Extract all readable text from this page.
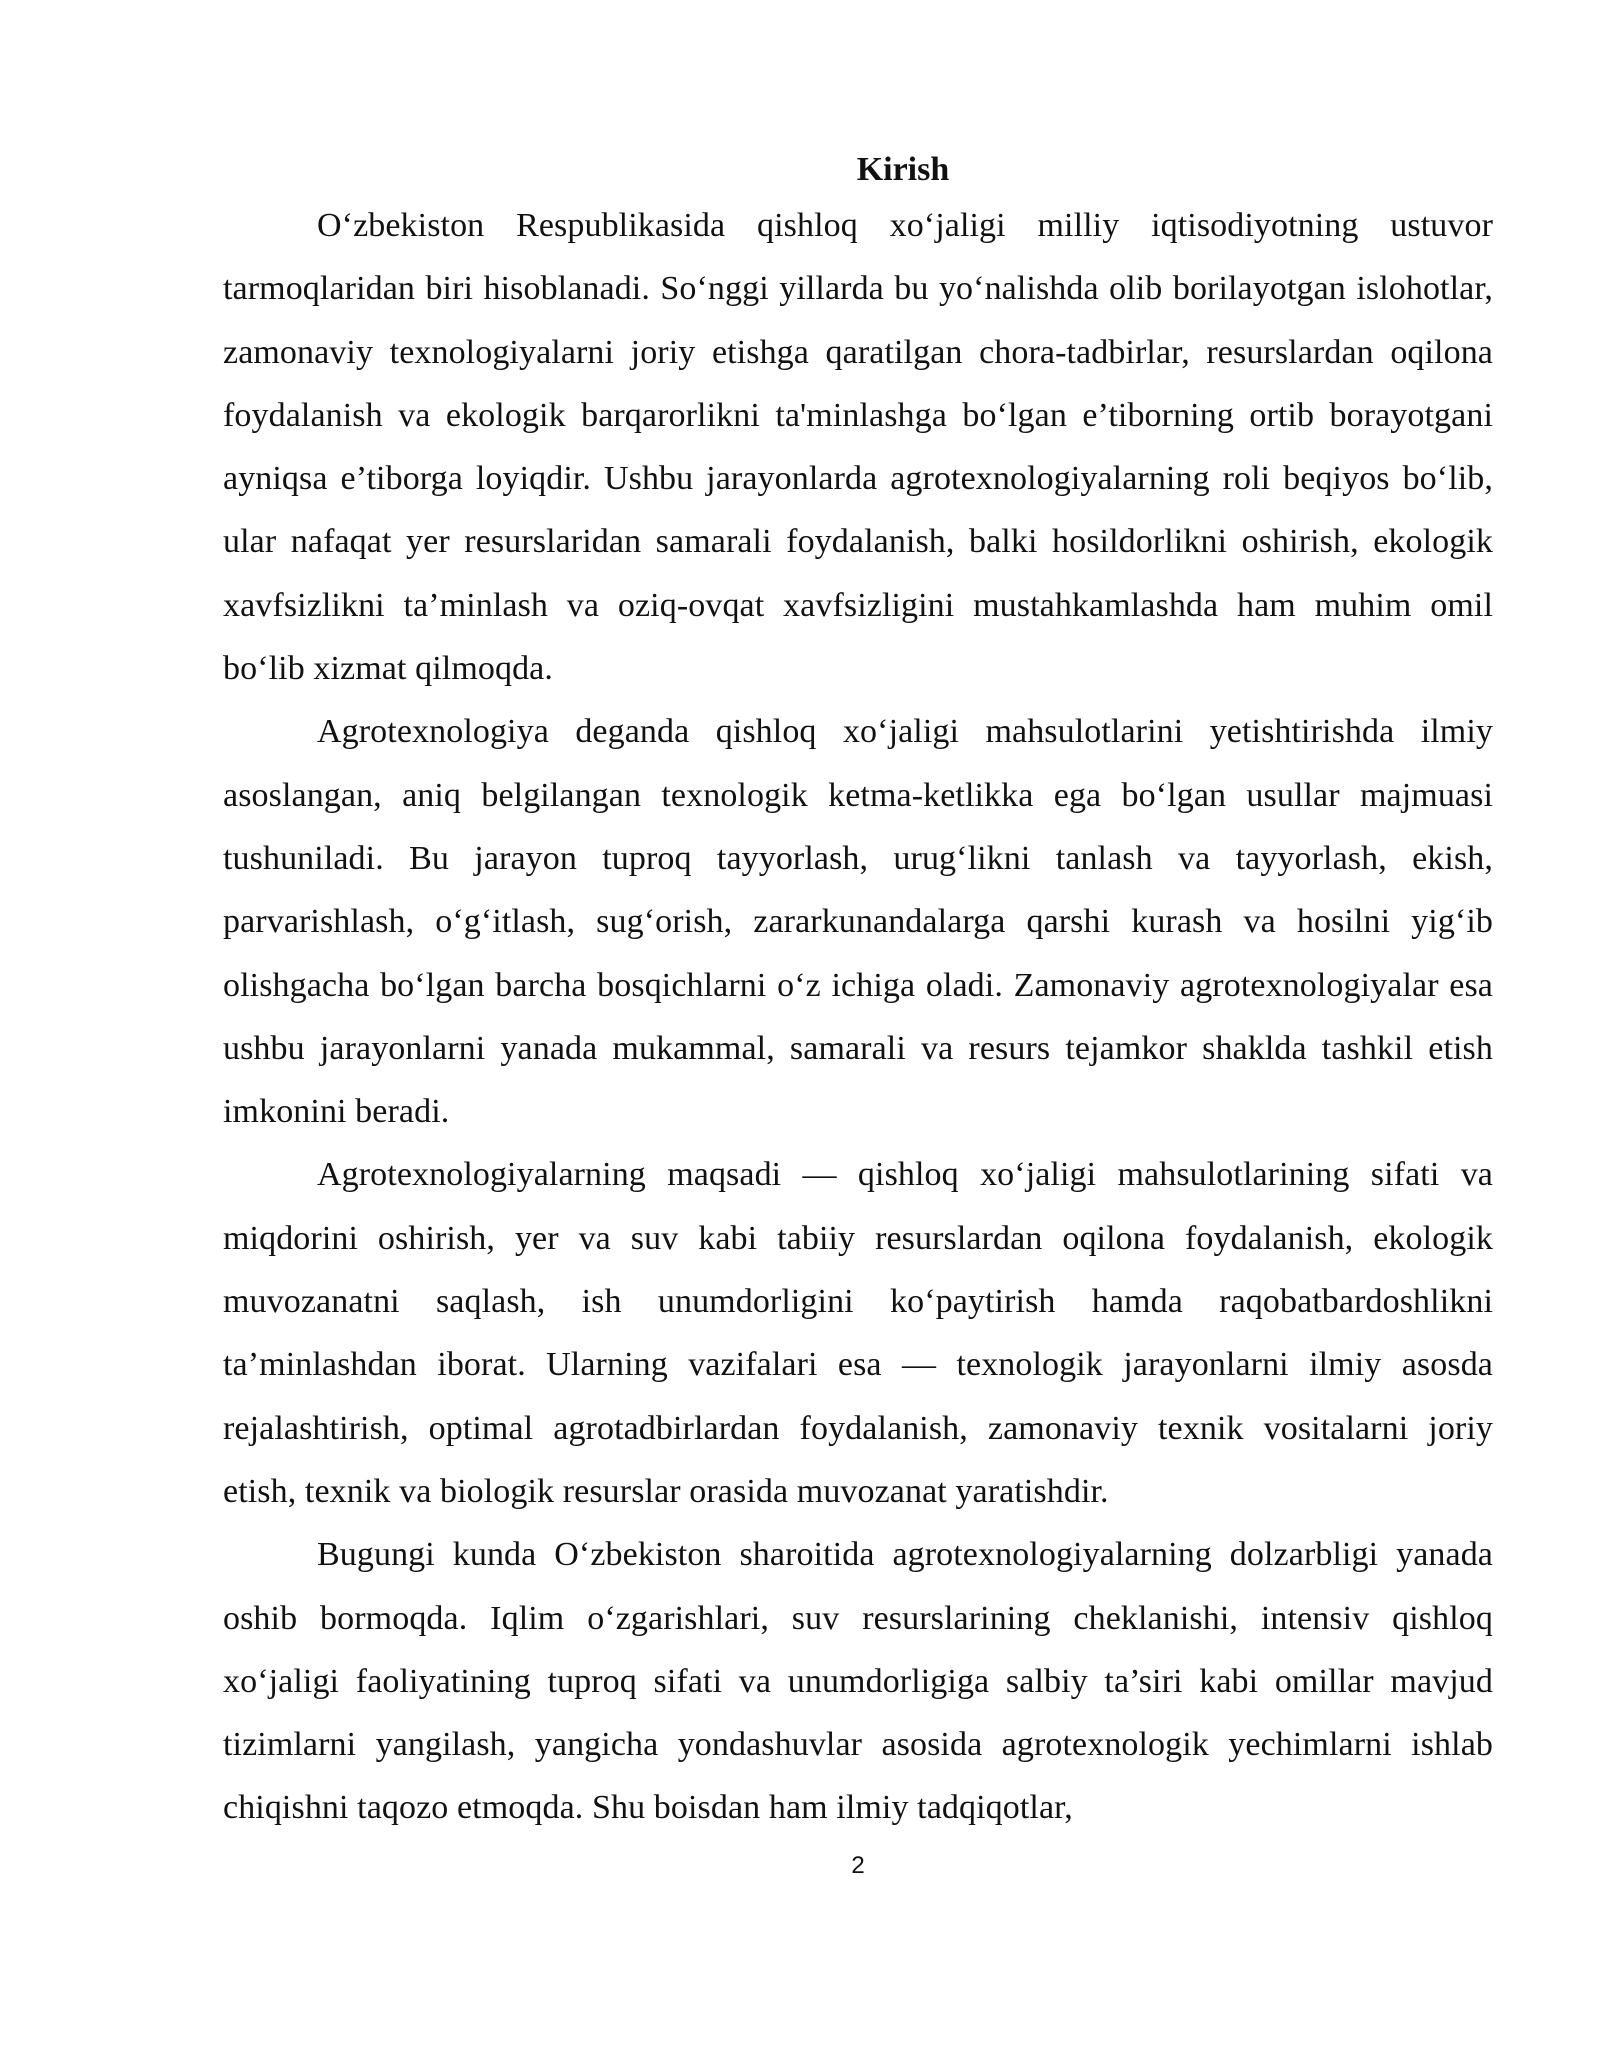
Kirish

O‘zbekiston Respublikasida qishloq xo‘jaligi milliy iqtisodiyotning ustuvor tarmoqlaridan biri hisoblanadi. So‘nggi yillarda bu yo‘nalishda olib borilayotgan islohotlar, zamonaviy texnologiyalarni joriy etishga qaratilgan chora-tadbirlar, resurslardan oqilona foydalanish va ekologik barqarorlikni ta'minlashga bo‘lgan e’tiborning ortib borayotgani ayniqsa e’tiborga loyiqdir. Ushbu jarayonlarda agrotexnologiyalarning roli beqiyos bo‘lib, ular nafaqat yer resurslaridan samarali foydalanish, balki hosildorlikni oshirish, ekologik xavfsizlikni ta’minlash va oziq-ovqat xavfsizligini mustahkamlashda ham muhim omil bo‘lib xizmat qilmoqda.

Agrotexnologiya deganda qishloq xo‘jaligi mahsulotlarini yetishtirishda ilmiy asoslangan, aniq belgilangan texnologik ketma-ketlikka ega bo‘lgan usullar majmuasi tushuniladi. Bu jarayon tuproq tayyorlash, urug‘likni tanlash va tayyorlash, ekish, parvarishlash, o‘g‘itlash, sug‘orish, zararkunandalarga qarshi kurash va hosilni yig‘ib olishgacha bo‘lgan barcha bosqichlarni o‘z ichiga oladi. Zamonaviy agrotexnologiyalar esa ushbu jarayonlarni yanada mukammal, samarali va resurs tejamkor shaklda tashkil etish imkonini beradi.

Agrotexnologiyalarning maqsadi — qishloq xo‘jaligi mahsulotlarining sifati va miqdorini oshirish, yer va suv kabi tabiiy resurslardan oqilona foydalanish, ekologik muvozanatni saqlash, ish unumdorligini ko‘paytirish hamda raqobatbardoshlikni ta’minlashdan iborat. Ularning vazifalari esa — texnologik jarayonlarni ilmiy asosda rejalashtirish, optimal agrotadbirlardan foydalanish, zamonaviy texnik vositalarni joriy etish, texnik va biologik resurslar orasida muvozanat yaratishdir.

Bugungi kunda O‘zbekiston sharoitida agrotexnologiyalarning dolzarbligi yanada oshib bormoqda. Iqlim o‘zgarishlari, suv resurslarining cheklanishi, intensiv qishloq xo‘jaligi faoliyatining tuproq sifati va unumdorligiga salbiy ta’siri kabi omillar mavjud tizimlarni yangilash, yangicha yondashuvlar asosida agrotexnologik yechimlarni ishlab chiqishni taqozo etmoqda. Shu boisdan ham ilmiy tadqiqotlar,

2
